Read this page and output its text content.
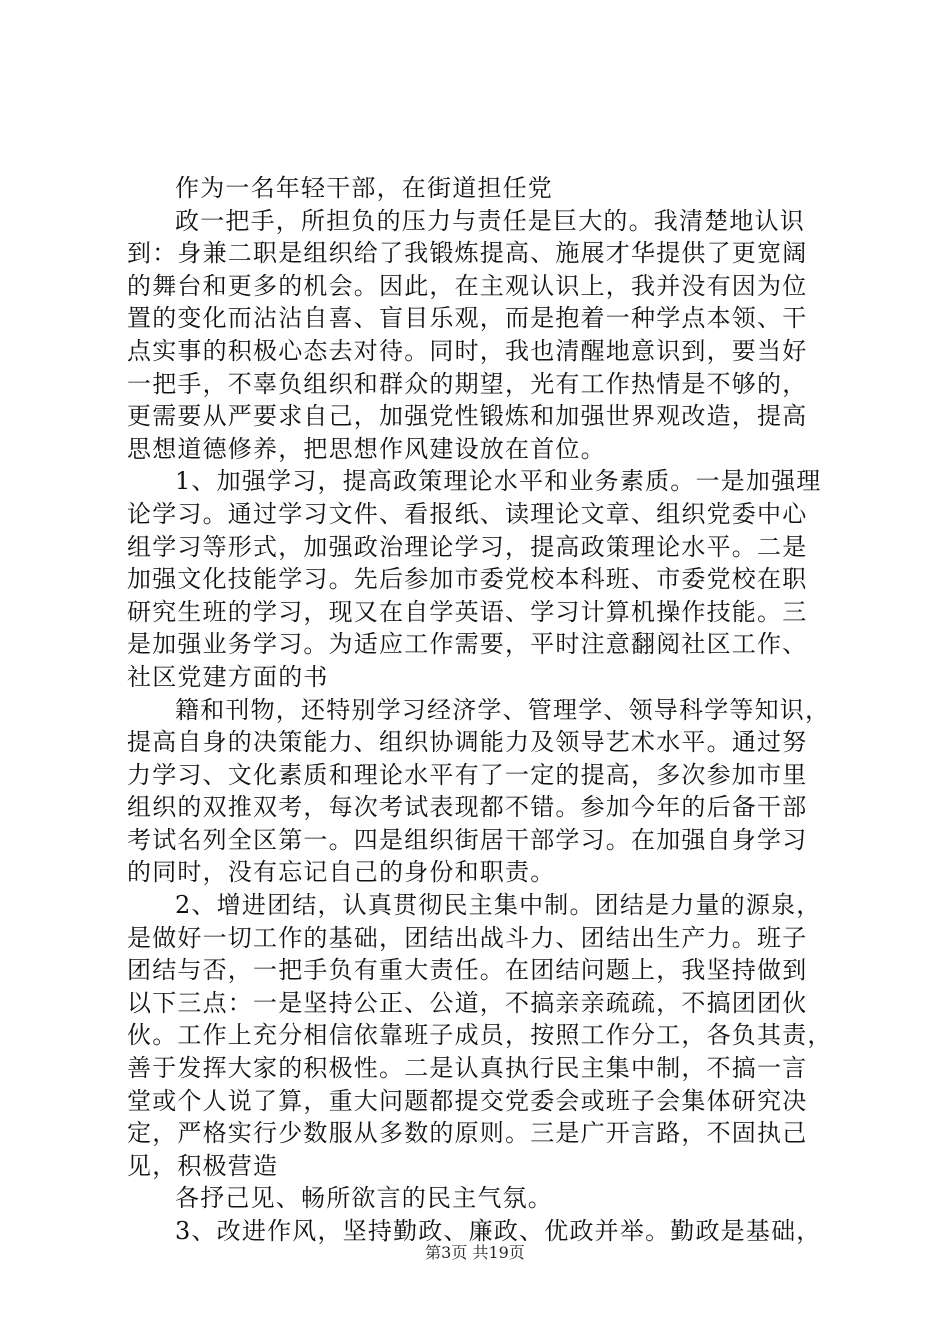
作为一名年轻干部，在街道担任党
政一把手，所担负的压力与责任是巨大的。我清楚地认识
到：身兼二职是组织给了我锻炼提高、施展才华提供了更宽阔
的舞台和更多的机会。因此，在主观认识上，我并没有因为位
置的变化而沾沾自喜、盲目乐观，而是抱着一种学点本领、干
点实事的积极心态去对待。同时，我也清醒地意识到，要当好
一把手，不辜负组织和群众的期望，光有工作热情是不够的，
更需要从严要求自己，加强党性锻炼和加强世界观改造，提高
思想道德修养，把思想作风建设放在首位。
1、加强学习，提高政策理论水平和业务素质。一是加强理
论学习。通过学习文件、看报纸、读理论文章、组织党委中心
组学习等形式，加强政治理论学习，提高政策理论水平。二是
加强文化技能学习。先后参加市委党校本科班、市委党校在职
研究生班的学习，现又在自学英语、学习计算机操作技能。三
是加强业务学习。为适应工作需要，平时注意翻阅社区工作、
社区党建方面的书
籍和刊物，还特别学习经济学、管理学、领导科学等知识，
提高自身的决策能力、组织协调能力及领导艺术水平。通过努
力学习、文化素质和理论水平有了一定的提高，多次参加市里
组织的双推双考，每次考试表现都不错。参加今年的后备干部
考试名列全区第一。四是组织街居干部学习。在加强自身学习
的同时，没有忘记自己的身份和职责。
2、增进团结，认真贯彻民主集中制。团结是力量的源泉，
是做好一切工作的基础，团结出战斗力、团结出生产力。班子
团结与否，一把手负有重大责任。在团结问题上，我坚持做到
以下三点：一是坚持公正、公道，不搞亲亲疏疏，不搞团团伙
伙。工作上充分相信依靠班子成员，按照工作分工，各负其责，
善于发挥大家的积极性。二是认真执行民主集中制，不搞一言
堂或个人说了算，重大问题都提交党委会或班子会集体研究决
定，严格实行少数服从多数的原则。三是广开言路，不固执己
见，积极营造
各抒己见、畅所欲言的民主气氛。
3、改进作风，坚持勤政、廉政、优政并举。勤政是基础，
第3页 共19页
